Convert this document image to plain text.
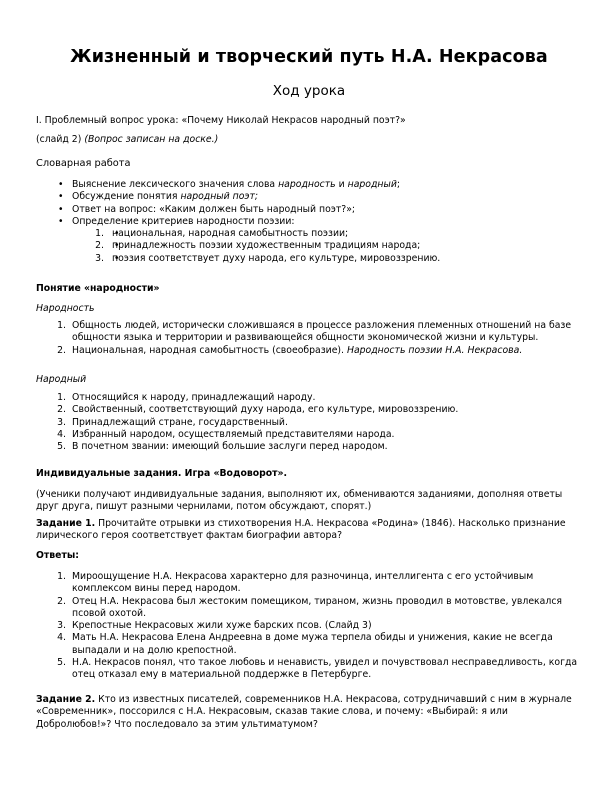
Жизненный и творческий путь Н.А. Некрасова
Ход урока
I. Проблемный вопрос урока: «Почему Николай Некрасов народный поэт?»
(слайд 2) (Вопрос записан на доске.)
Словарная работа
• Выяснение лексического значения слова народность и народный;
• Обсуждение понятия народный поэт;
• Ответ на вопрос: «Каким должен быть народный поэт?»;
• Определение критериев народности поэзии:
• 1. национальная, народная самобытность поэзии;
• 2. принадлежность поэзии художественным традициям народа;
• 3. поэзия соответствует духу народа, его культуре, мировоззрению.
Понятие «народности»
Народность
1. Общность людей, исторически сложившаяся в процессе разложения племенных отношений на базе общности языка и территории и развивающейся общности экономической жизни и культуры.
2. Национальная, народная самобытность (своеобразие). Народность поэзии Н.А. Некрасова.
Народный
1. Относящийся к народу, принадлежащий народу.
2. Свойственный, соответствующий духу народа, его культуре, мировоззрению.
3. Принадлежащий стране, государственный.
4. Избранный народом, осуществляемый представителями народа.
5. В почетном звании: имеющий большие заслуги перед народом.
Индивидуальные задания. Игра «Водоворот».
(Ученики получают индивидуальные задания, выполняют их, обмениваются заданиями, дополняя ответы друг друга, пишут разными чернилами, потом обсуждают, спорят.)
Задание 1. Прочитайте отрывки из стихотворения Н.А. Некрасова «Родина» (1846). Насколько признание лирического героя соответствует фактам биографии автора?
Ответы:
1. Мироощущение Н.А. Некрасова характерно для разночинца, интеллигента с его устойчивым комплексом вины перед народом.
2. Отец Н.А. Некрасова был жестоким помещиком, тираном, жизнь проводил в мотовстве, увлекался псовой охотой.
3. Крепостные Некрасовых жили хуже барских псов. (Слайд 3)
4. Мать Н.А. Некрасова Елена Андреевна в доме мужа терпела обиды и унижения, какие не всегда выпадали и на долю крепостной.
5. Н.А. Некрасов понял, что такое любовь и ненависть, увидел и почувствовал несправедливость, когда отец отказал ему в материальной поддержке в Петербурге.
Задание 2. Кто из известных писателей, современников Н.А. Некрасова, сотрудничавший с ним в журнале «Современник», поссорился с Н.А. Некрасовым, сказав такие слова, и почему: «Выбирай: я или Добролюбов!»? Что последовало за этим ультиматумом?
